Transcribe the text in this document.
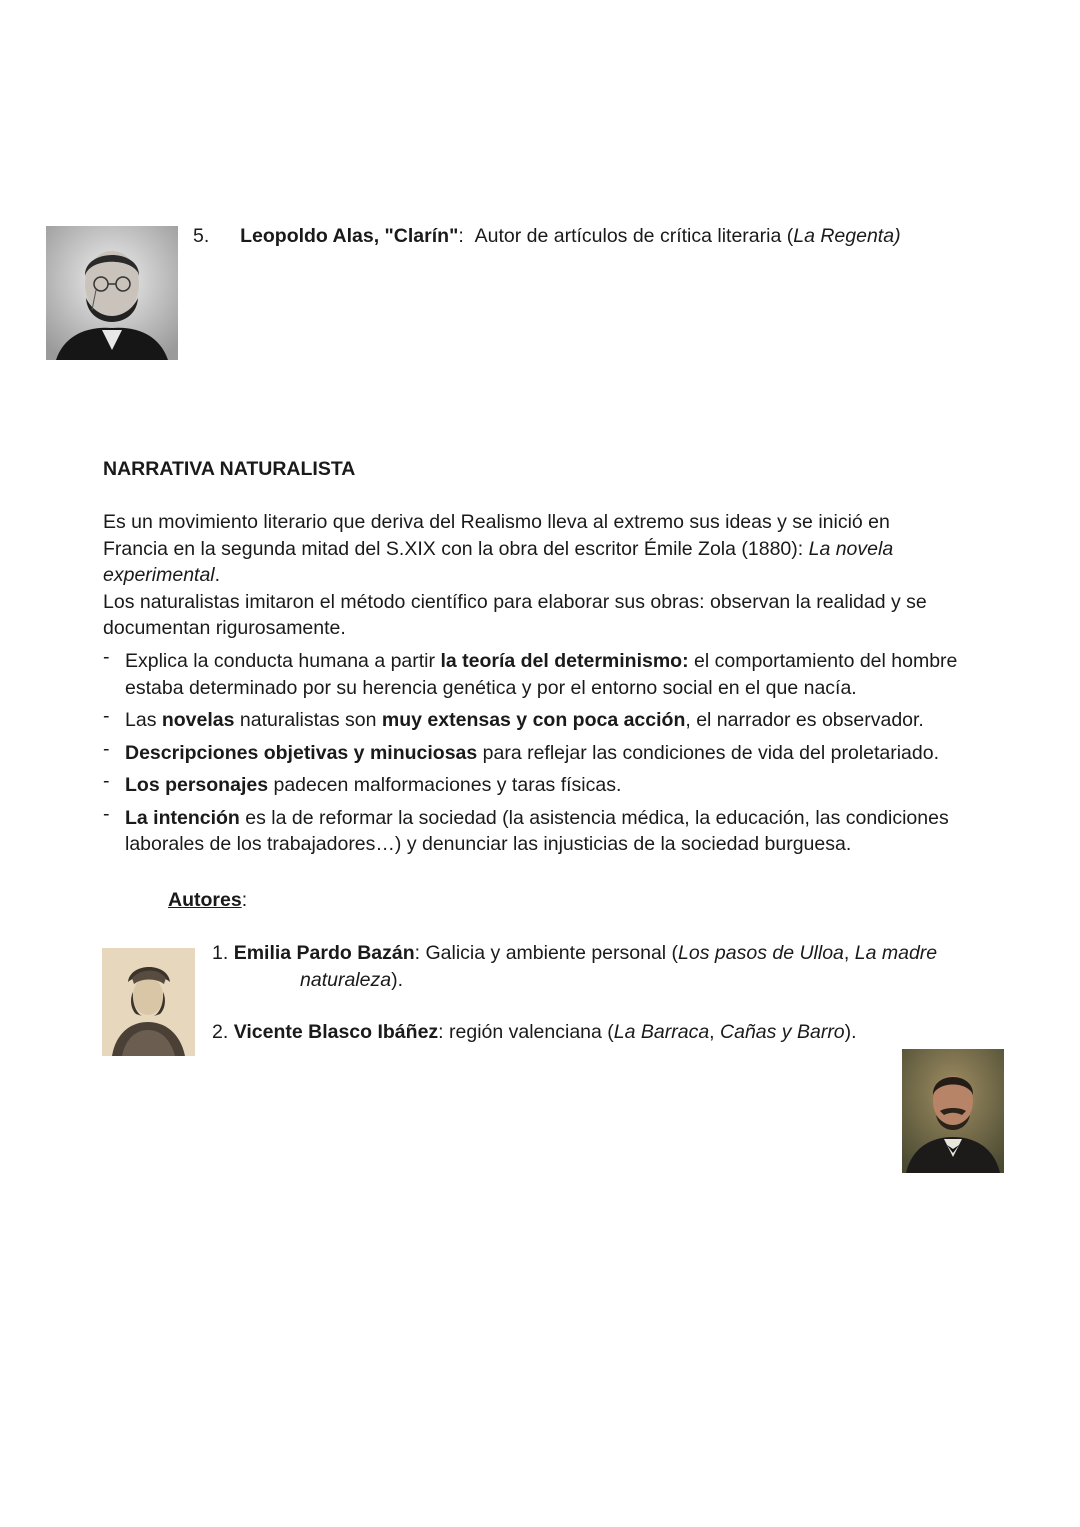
5. Leopoldo Alas, "Clarín": Autor de artículos de crítica literaria (La Regenta)
NARRATIVA NATURALISTA
Es un movimiento literario que deriva del Realismo lleva al extremo sus ideas y se inició en
Francia en la segunda mitad del S.XIX con la obra del escritor Émile Zola (1880): La novela
experimental.
Los naturalistas imitaron el método científico para elaborar sus obras: observan la realidad y se
documentan rigurosamente.
- Explica la conducta humana a partir la teoría del determinismo: el comportamiento del hombre
estaba determinado por su herencia genética y por el entorno social en el que nacía.
- Las novelas naturalistas son muy extensas y con poca acción, el narrador es observador.
- Descripciones objetivas y minuciosas para reflejar las condiciones de vida del proletariado.
- Los personajes padecen malformaciones y taras físicas.
- La intención es la de reformar la sociedad (la asistencia médica, la educación, las condiciones
laborales de los trabajadores…) y denunciar las injusticias de la sociedad burguesa.
Autores:
1. Emilia Pardo Bazán: Galicia y ambiente personal (Los pasos de Ulloa, La madre
naturaleza).
2. Vicente Blasco Ibáñez: región valenciana (La Barraca, Cañas y Barro).
